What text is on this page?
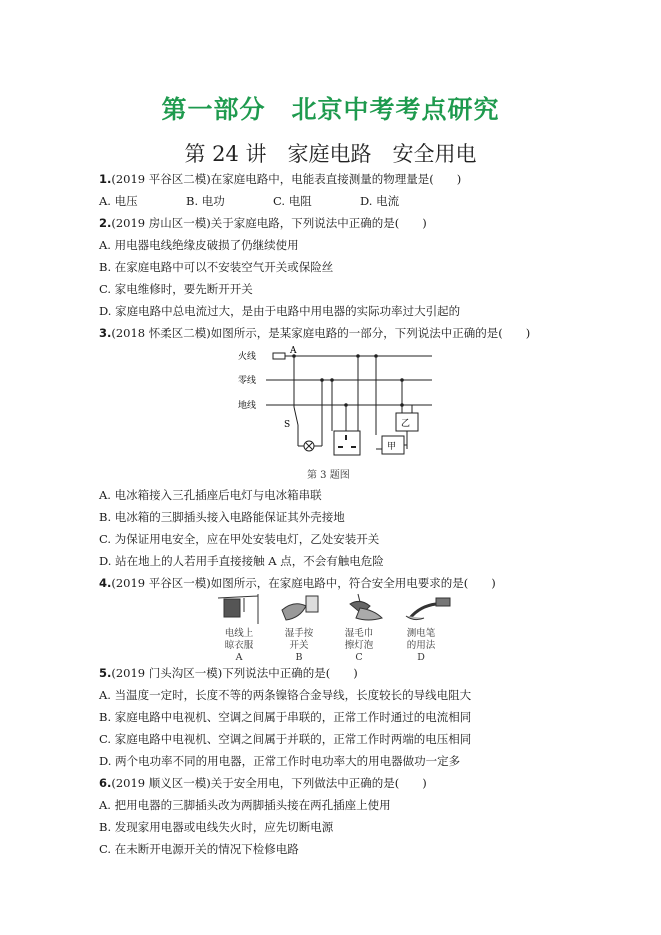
第一部分　北京中考考点研究
第 24 讲　家庭电路　安全用电
1.(2019 平谷区二模)在家庭电路中，电能表直接测量的物理量是(　　)
A. 电压	B. 电功	C. 电阻	D. 电流
2.(2019 房山区一模)关于家庭电路，下列说法中正确的是(　　)
A. 用电器电线绝缘皮破损了仍继续使用
B. 在家庭电路中可以不安装空气开关或保险丝
C. 家电维修时，要先断开开关
D. 家庭电路中总电流过大，是由于电路中用电器的实际功率过大引起的
3.(2018 怀柔区二模)如图所示，是某家庭电路的一部分，下列说法中正确的是(　　)
火线
零线
地线
A
S
甲
乙
第 3 题图
A. 电冰箱接入三孔插座后电灯与电冰箱串联
B. 电冰箱的三脚插头接入电路能保证其外壳接地
C. 为保证用电安全，应在甲处安装电灯，乙处安装开关
D. 站在地上的人若用手直接接触 A 点，不会有触电危险
4.(2019 平谷区一模)如图所示，在家庭电路中，符合安全用电要求的是(　　)
电线上
晾衣服
A
湿手按
开关
B
湿毛巾
擦灯泡
C
测电笔
的用法
D
5.(2019 门头沟区一模)下列说法中正确的是(　　)
A. 当温度一定时，长度不等的两条镍铬合金导线，长度较长的导线电阻大
B. 家庭电路中电视机、空调之间属于串联的，正常工作时通过的电流相同
C. 家庭电路中电视机、空调之间属于并联的，正常工作时两端的电压相同
D. 两个电功率不同的用电器，正常工作时电功率大的用电器做功一定多
6.(2019 顺义区一模)关于安全用电，下列做法中正确的是(　　)
A. 把用电器的三脚插头改为两脚插头接在两孔插座上使用
B. 发现家用电器或电线失火时，应先切断电源
C. 在未断开电源开关的情况下检修电路
